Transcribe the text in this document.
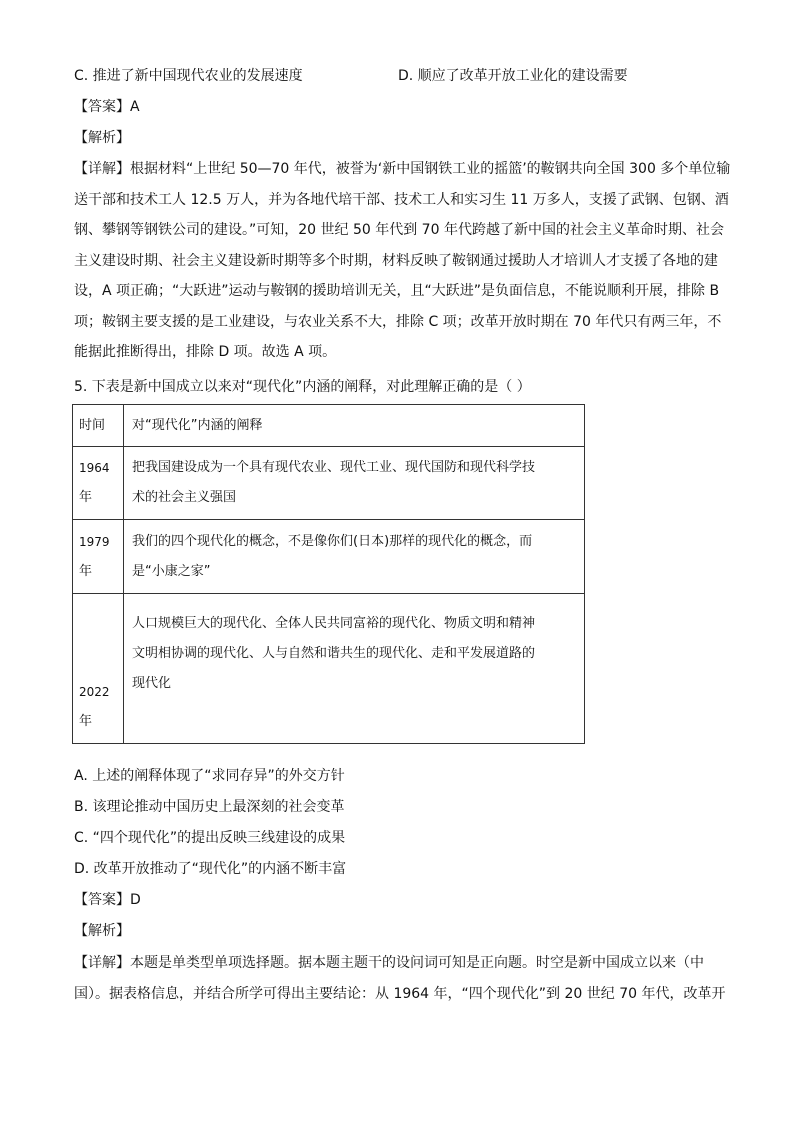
C. 推进了新中国现代农业的发展速度	D. 顺应了改革开放工业化的建设需要
【答案】A
【解析】
【详解】根据材料“上世纪 50—70 年代，被誉为‘新中国钢铁工业的摇篮’的鞍钢共向全国 300 多个单位输
送干部和技术工人 12.5 万人，并为各地代培干部、技术工人和实习生 11 万多人，支援了武钢、包钢、酒
钢、攀钢等钢铁公司的建设。”可知，20 世纪 50 年代到 70 年代跨越了新中国的社会主义革命时期、社会
主义建设时期、社会主义建设新时期等多个时期，材料反映了鞍钢通过援助人才培训人才支援了各地的建
设，A 项正确；“大跃进”运动与鞍钢的援助培训无关，且“大跃进”是负面信息，不能说顺利开展，排除 B
项；鞍钢主要支援的是工业建设，与农业关系不大，排除 C 项；改革开放时期在 70 年代只有两三年，不
能据此推断得出，排除 D 项。故选 A 项。
5. 下表是新中国成立以来对“现代化”内涵的阐释，对此理解正确的是（ ）
时间	对“现代化”内涵的阐释

1964
年	把我国建设成为一个具有现代农业、现代工业、现代国防和现代科学技
术的社会主义强国

1979
年	我们的四个现代化的概念，不是像你们(日本)那样的现代化的概念，而
是“小康之家”

2022
年	人口规模巨大的现代化、全体人民共同富裕的现代化、物质文明和精神
文明相协调的现代化、人与自然和谐共生的现代化、走和平发展道路的
现代化
A. 上述的阐释体现了“求同存异”的外交方针
B. 该理论推动中国历史上最深刻的社会变革
C. “四个现代化”的提出反映三线建设的成果
D. 改革开放推动了“现代化”的内涵不断丰富
【答案】D
【解析】
【详解】本题是单类型单项选择题。据本题主题干的设问词可知是正向题。时空是新中国成立以来（中
国）。据表格信息，并结合所学可得出主要结论：从 1964 年，“四个现代化”到 20 世纪 70 年代，改革开
